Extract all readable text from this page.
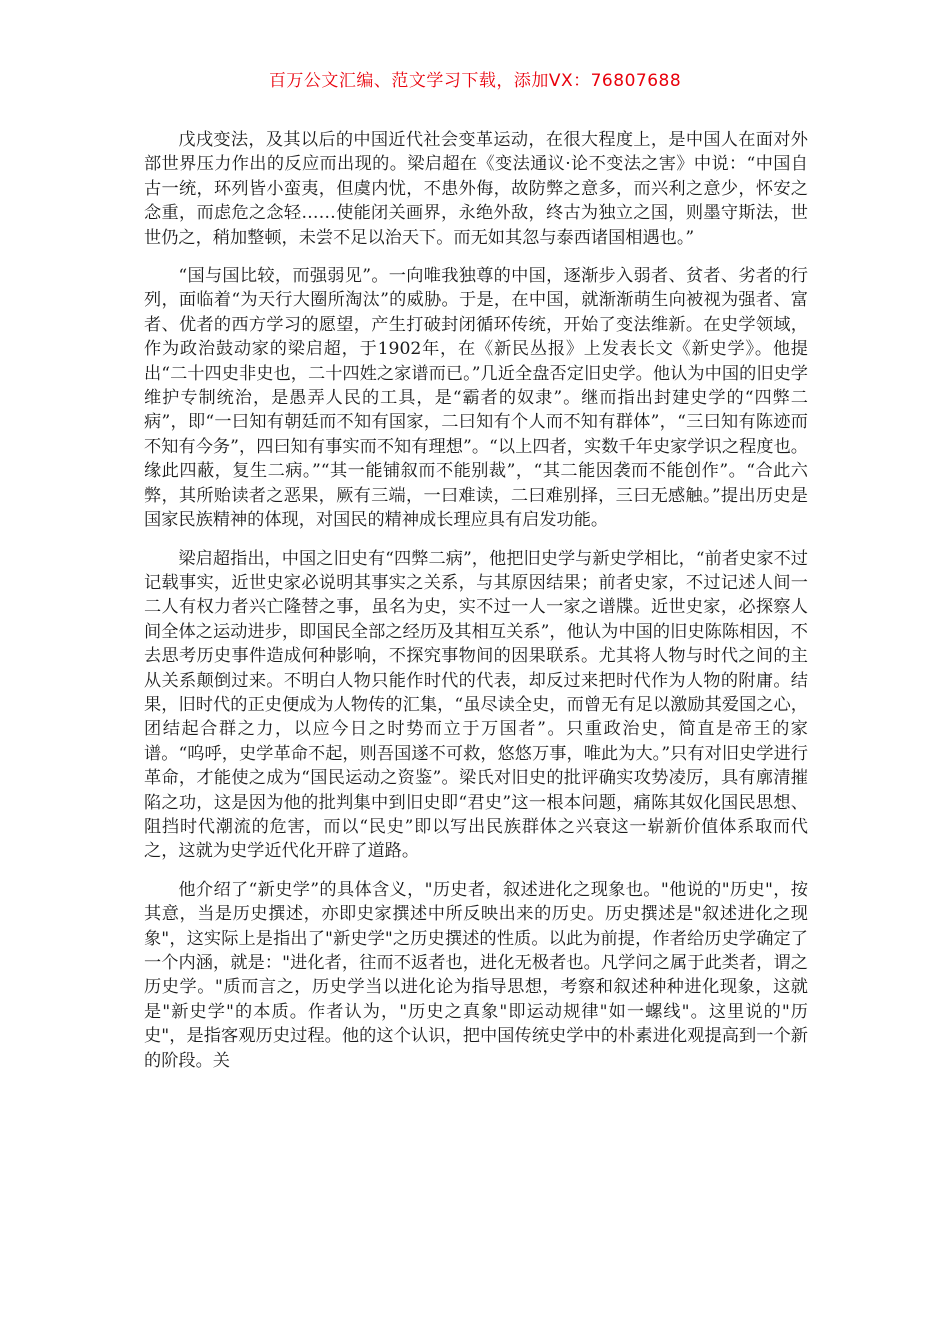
百万公文汇编、范文学习下载，添加VX：76807688

戊戌变法，及其以后的中国近代社会变革运动，在很大程度上，是中国人在面对外部世界压力作出的反应而出现的。梁启超在《变法通议·论不变法之害》中说：“中国自古一统，环列皆小蛮夷，但虞内忧，不患外侮，故防弊之意多，而兴利之意少，怀安之念重，而虑危之念轻……使能闭关画界，永绝外敌，终古为独立之国，则墨守斯法，世世仍之，稍加整顿，未尝不足以治天下。而无如其忽与泰西诸国相遇也。”

“国与国比较，而强弱见”。一向唯我独尊的中国，逐渐步入弱者、贫者、劣者的行列，面临着“为天行大圈所淘汰”的威胁。于是，在中国，就渐渐萌生向被视为强者、富者、优者的西方学习的愿望，产生打破封闭循环传统，开始了变法维新。在史学领域，作为政治鼓动家的梁启超，于1902年，在《新民丛报》上发表长文《新史学》。他提出“二十四史非史也，二十四姓之家谱而已。”几近全盘否定旧史学。他认为中国的旧史学维护专制统治，是愚弄人民的工具，是“霸者的奴隶”。继而指出封建史学的“四弊二病”，即“一曰知有朝廷而不知有国家，二曰知有个人而不知有群体”，“三曰知有陈迹而不知有今务”，四曰知有事实而不知有理想”。“以上四者，实数千年史家学识之程度也。缘此四蔽，复生二病。”“其一能铺叙而不能别裁”，“其二能因袭而不能创作”。“合此六弊，其所贻读者之恶果，厥有三端，一曰难读，二曰难别择，三曰无感触。”提出历史是国家民族精神的体现，对国民的精神成长理应具有启发功能。

梁启超指出，中国之旧史有“四弊二病”，他把旧史学与新史学相比，“前者史家不过记载事实，近世史家必说明其事实之关系，与其原因结果；前者史家，不过记述人间一二人有权力者兴亡隆替之事，虽名为史，实不过一人一家之谱牒。近世史家，必探察人间全体之运动进步，即国民全部之经历及其相互关系”，他认为中国的旧史陈陈相因，不去思考历史事件造成何种影响，不探究事物间的因果联系。尤其将人物与时代之间的主从关系颠倒过来。不明白人物只能作时代的代表，却反过来把时代作为人物的附庸。结果，旧时代的正史便成为人物传的汇集，“虽尽读全史，而曾无有足以激励其爱国之心，团结起合群之力，以应今日之时势而立于万国者”。只重政治史，简直是帝王的家谱。“呜呼，史学革命不起，则吾国遂不可救，悠悠万事，唯此为大。”只有对旧史学进行革命，才能使之成为“国民运动之资鉴”。梁氏对旧史的批评确实攻势凌厉，具有廓清摧陷之功，这是因为他的批判集中到旧史即“君史”这一根本问题，痛陈其奴化国民思想、阻挡时代潮流的危害，而以“民史”即以写出民族群体之兴衰这一崭新价值体系取而代之，这就为史学近代化开辟了道路。

他介绍了“新史学”的具体含义，"历史者，叙述进化之现象也。"他说的"历史"，按其意，当是历史撰述，亦即史家撰述中所反映出来的历史。历史撰述是"叙述进化之现象"，这实际上是指出了"新史学"之历史撰述的性质。以此为前提，作者给历史学确定了一个内涵，就是："进化者，往而不返者也，进化无极者也。凡学问之属于此类者，谓之历史学。"质而言之，历史学当以进化论为指导思想，考察和叙述种种进化现象，这就是"新史学"的本质。作者认为，"历史之真象"即运动规律"如一螺线"。这里说的"历史"，是指客观历史过程。他的这个认识，把中国传统史学中的朴素进化观提高到一个新的阶段。关
